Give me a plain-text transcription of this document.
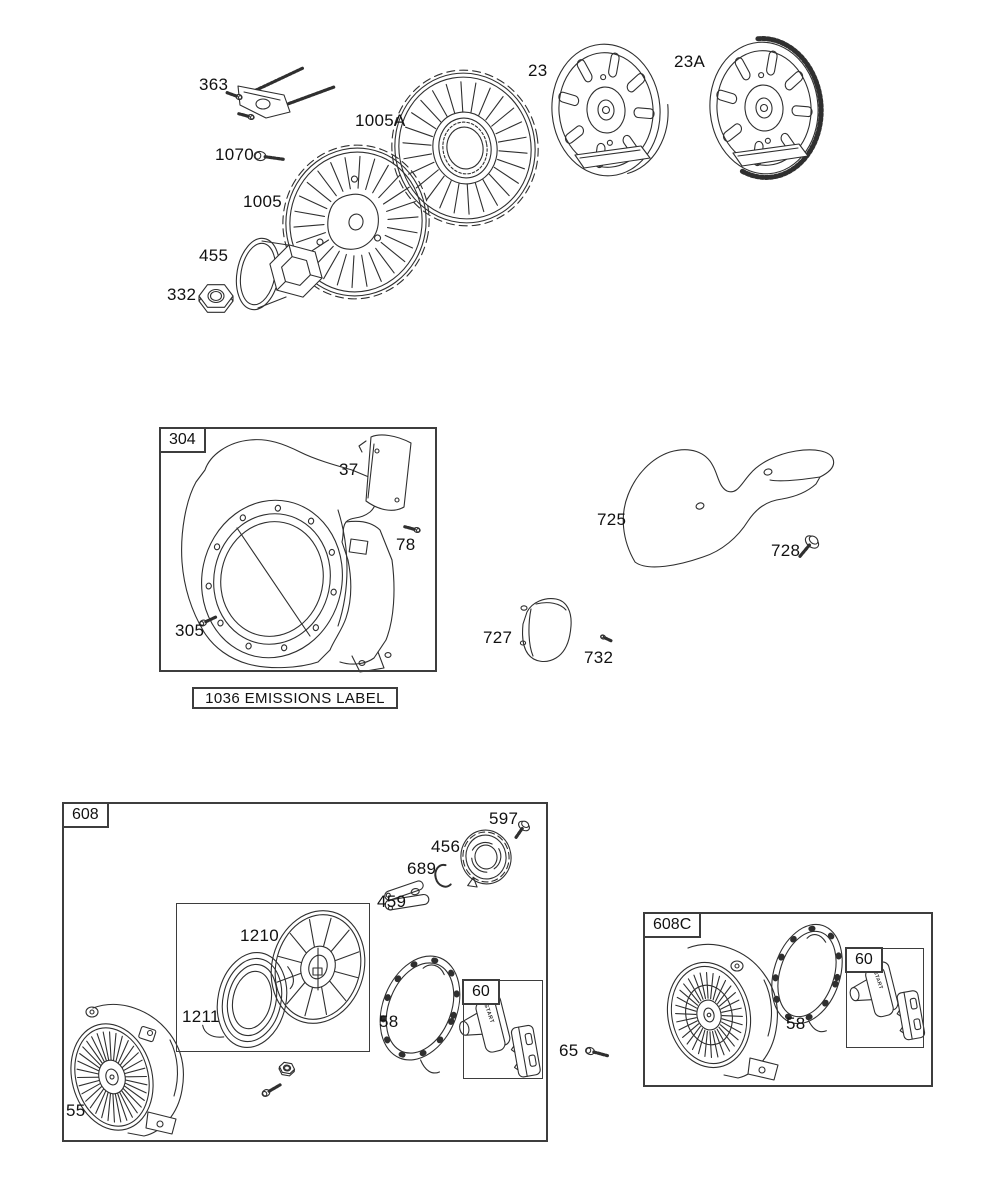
304
1036 EMISSIONS LABEL
608
60
608C
60
363
1070
1005A
1005
455
332
23	23A
37
78
305
725
728
727
732
597
456
689
459
1210
1211
55
58
65
58
